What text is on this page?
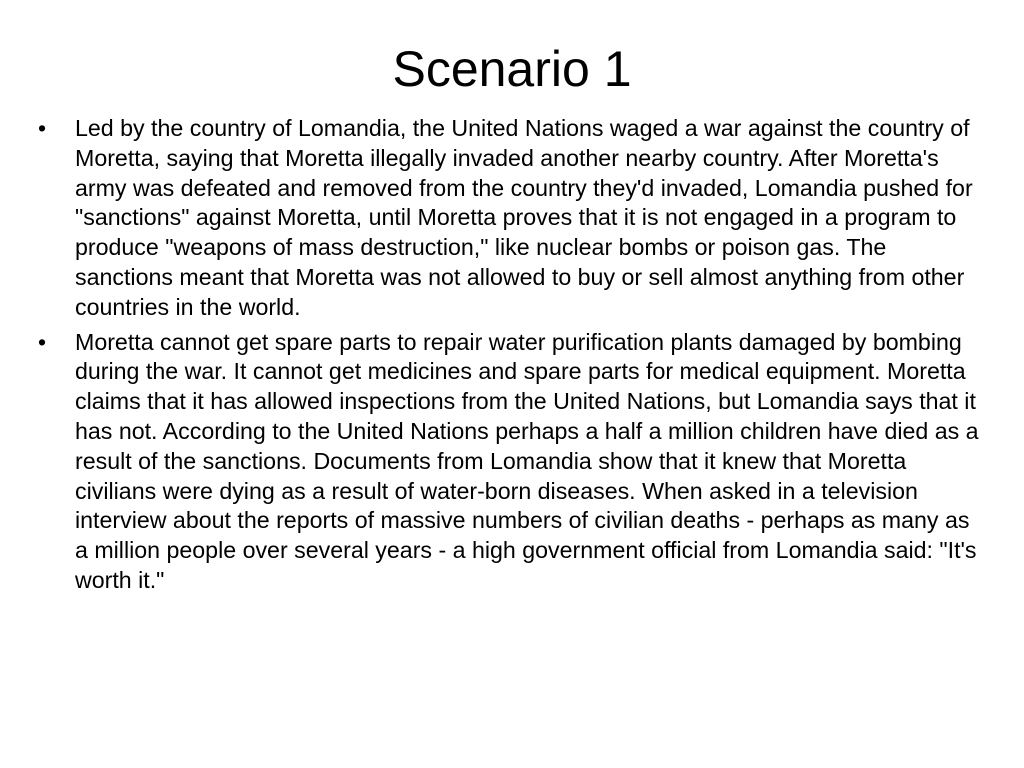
Scenario 1
•	Led by the country of Lomandia, the United Nations waged a war against the country of Moretta, saying that Moretta illegally invaded another nearby country. After Moretta's army was defeated and removed from the country they'd invaded, Lomandia pushed for "sanctions" against Moretta, until Moretta proves that it is not engaged in a program to produce "weapons of mass destruction," like nuclear bombs or poison gas. The sanctions meant that Moretta was not allowed to buy or sell almost anything from other countries in the world.
•	Moretta cannot get spare parts to repair water purification plants damaged by bombing during the war. It cannot get medicines and spare parts for medical equipment. Moretta claims that it has allowed inspections from the United Nations, but Lomandia says that it has not. According to the United Nations perhaps a half a million children have died as a result of the sanctions. Documents from Lomandia show that it knew that Moretta civilians were dying as a result of water-born diseases. When asked in a television interview about the reports of massive numbers of civilian deaths - perhaps as many as a million people over several years - a high government official from Lomandia said: "It's worth it."
